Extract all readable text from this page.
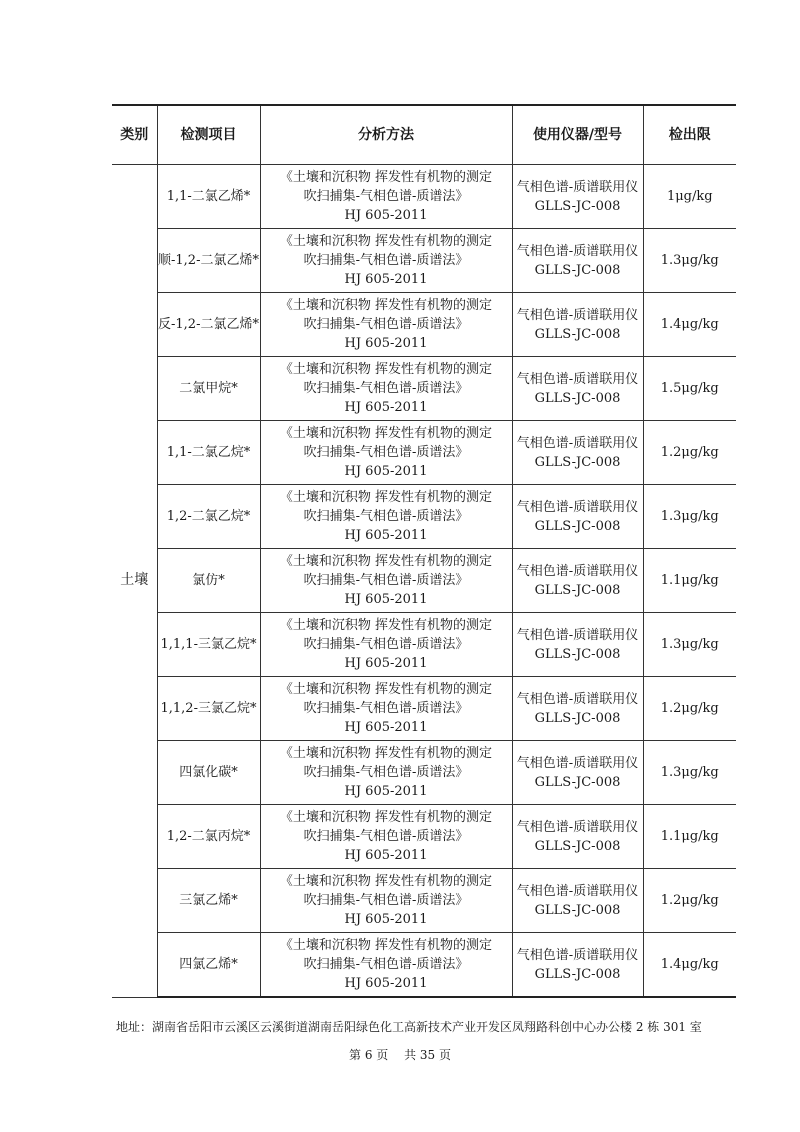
类别	检测项目	分析方法	使用仪器/型号	检出限
土壤	1,1-二氯乙烯*	《土壤和沉积物 挥发性有机物的测定
吹扫捕集-气相色谱-质谱法》
HJ 605-2011	气相色谱-质谱联用仪 GLLS-JC-008	1μg/kg
	顺-1,2-二氯乙烯*	《土壤和沉积物 挥发性有机物的测定
吹扫捕集-气相色谱-质谱法》
HJ 605-2011	气相色谱-质谱联用仪 GLLS-JC-008	1.3μg/kg
	反-1,2-二氯乙烯*	《土壤和沉积物 挥发性有机物的测定
吹扫捕集-气相色谱-质谱法》
HJ 605-2011	气相色谱-质谱联用仪 GLLS-JC-008	1.4μg/kg
	二氯甲烷*	《土壤和沉积物 挥发性有机物的测定
吹扫捕集-气相色谱-质谱法》
HJ 605-2011	气相色谱-质谱联用仪 GLLS-JC-008	1.5μg/kg
	1,1-二氯乙烷*	《土壤和沉积物 挥发性有机物的测定
吹扫捕集-气相色谱-质谱法》
HJ 605-2011	气相色谱-质谱联用仪 GLLS-JC-008	1.2μg/kg
	1,2-二氯乙烷*	《土壤和沉积物 挥发性有机物的测定
吹扫捕集-气相色谱-质谱法》
HJ 605-2011	气相色谱-质谱联用仪 GLLS-JC-008	1.3μg/kg
	氯仿*	《土壤和沉积物 挥发性有机物的测定
吹扫捕集-气相色谱-质谱法》
HJ 605-2011	气相色谱-质谱联用仪 GLLS-JC-008	1.1μg/kg
	1,1,1-三氯乙烷*	《土壤和沉积物 挥发性有机物的测定
吹扫捕集-气相色谱-质谱法》
HJ 605-2011	气相色谱-质谱联用仪 GLLS-JC-008	1.3μg/kg
	1,1,2-三氯乙烷*	《土壤和沉积物 挥发性有机物的测定
吹扫捕集-气相色谱-质谱法》
HJ 605-2011	气相色谱-质谱联用仪 GLLS-JC-008	1.2μg/kg
	四氯化碳*	《土壤和沉积物 挥发性有机物的测定
吹扫捕集-气相色谱-质谱法》
HJ 605-2011	气相色谱-质谱联用仪 GLLS-JC-008	1.3μg/kg
	1,2-二氯丙烷*	《土壤和沉积物 挥发性有机物的测定
吹扫捕集-气相色谱-质谱法》
HJ 605-2011	气相色谱-质谱联用仪 GLLS-JC-008	1.1μg/kg
	三氯乙烯*	《土壤和沉积物 挥发性有机物的测定
吹扫捕集-气相色谱-质谱法》
HJ 605-2011	气相色谱-质谱联用仪 GLLS-JC-008	1.2μg/kg
	四氯乙烯*	《土壤和沉积物 挥发性有机物的测定
吹扫捕集-气相色谱-质谱法》
HJ 605-2011	气相色谱-质谱联用仪 GLLS-JC-008	1.4μg/kg
地址：湖南省岳阳市云溪区云溪街道湖南岳阳绿色化工高新技术产业开发区凤翔路科创中心办公楼 2 栋 301 室
第 6 页 共 35 页
